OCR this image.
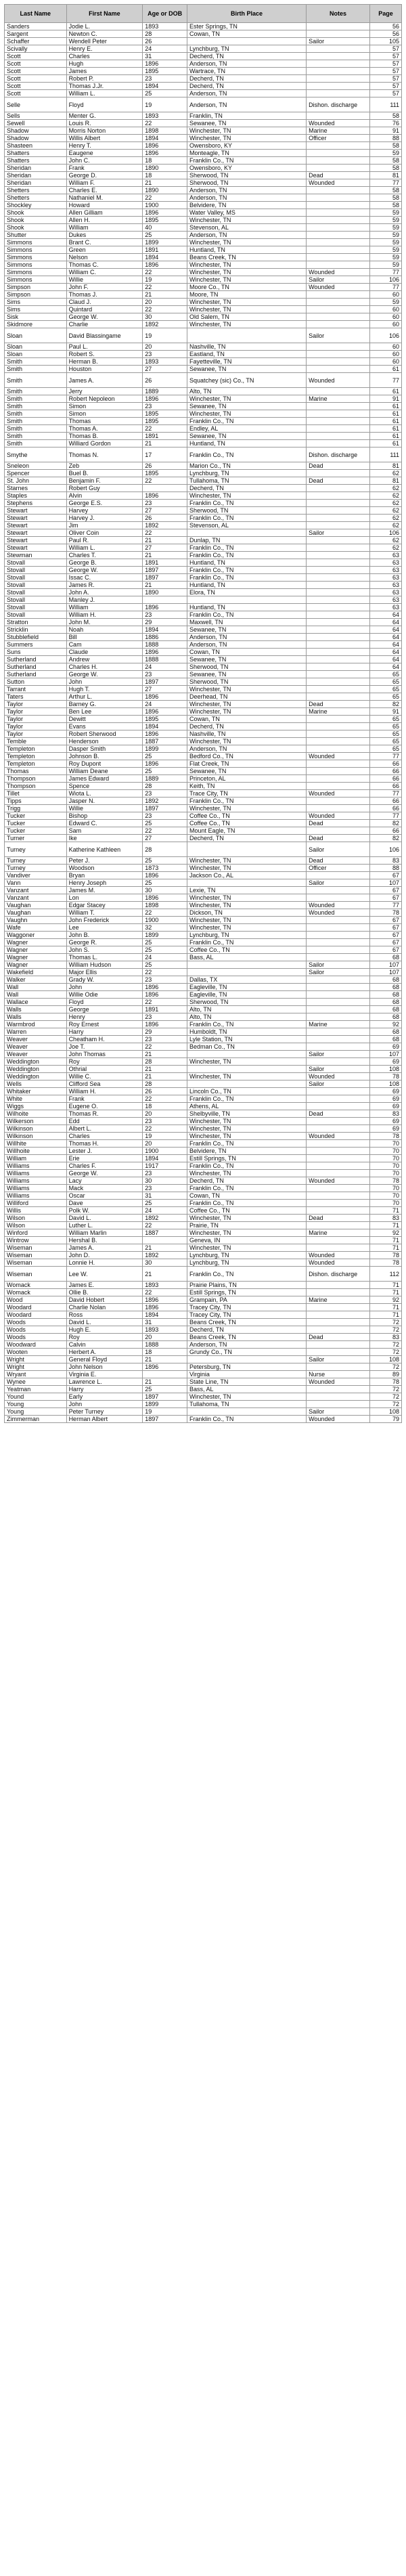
Last Name	First Name	Age or DOB	Birth Place	Notes	Page
Sanders	Jodie L.	1893	Ester Springs, TN		56
Sargent	Newton C.	28	Cowan, TN		56
Schaffer	Wendell Peter	26		Sailor	105
Scivally	Henry E.	24	Lynchburg, TN		57
Scott	Charles	31	Decherd, TN		57
Scott	Hugh	1896	Anderson, TN		57
Scott	James	1895	Wartrace, TN		57
Scott	Robert P.	23	Decherd, TN		57
Scott	Thomas J.Jr.	1894	Decherd, TN		57
Scott	William L.	25	Anderson, TN		57
Selle	Floyd	19	Anderson, TN	Dishon. discharge	111
Sells	Menter G.	1893	Franklin, TN		58
Sewell	Louis R.	22	Sewanee, TN	Wounded	76
Shadow	Morris Norton	1898	Winchester, TN	Marine	91
Shadow	Willis Albert	1894	Winchester, TN	Officer	88
Shasteen	Henry T.	1896	Owensboro, KY		58
Shatters	Eaugene	1896	Monteagle, TN		59
Shatters	John C.	18	Franklin Co., TN		58
Sheridan	Frank	1890	Owensboro, KY		58
Sheridan	George D.	18	Sherwood, TN	Dead	81
Sheridan	William F.	21	Sherwood, TN	Wounded	77
Shetters	Charles E.	1890	Anderson, TN		58
Shetters	Nathaniel M.	22	Anderson, TN		58
Shockley	Howard	1900	Belvidere, TN		58
Shook	Allen Gilliam	1896	Water Valley, MS		59
Shook	Allen H.	1895	Winchester, TN		59
Shook	William	40	Stevenson, AL		59
Shutter	Dukes	25	Anderson, TN		59
Simmons	Brant C.	1899	Winchester, TN		59
Simmons	Green	1891	Huntland, TN		59
Simmons	Nelson	1894	Beans Creek, TN		59
Simmons	Thomas C.	1896	Winchester, TN		59
Simmons	William C.	22	Winchester, TN	Wounded	77
Simmons	Willie	19	Winchester, TN	Sailor	106
Simpson	John F.	22	Moore Co., TN	Wounded	77
Simpson	Thomas J.	21	Moore, TN		60
Sims	Claud J.	20	Winchester, TN		59
Sims	Quintard	22	Winchester, TN		60
Sisk	George W.	30	Old Salem, TN		60
Skidmore	Charlie	1892	Winchester, TN		60
Sloan	David Blassingame	19		Sailor	106
Sloan	Paul L.	20	Nashville, TN		60
Sloan	Robert S.	23	Eastland, TN		60
Smith	Herman B.	1893	Fayetteville, TN		60
Smith	Houston	27	Sewanee, TN		61
Smith	James A.	26	Squatchey (sic) Co., TN	Wounded	77
Smith	Jerry	1889	Alto, TN		61
Smith	Robert Nepoleon	1896	Winchester, TN	Marine	91
Smith	Simon	23	Sewanee, TN		61
Smith	Simon	1895	Winchester, TN		61
Smith	Thomas	1895	Franklin Co., TN		61
Smith	Thomas A.	22	Endley, AL		61
Smith	Thomas B.	1891	Sewanee, TN		61
Smith	Williard Gordon	21	Huntland, TN		61
Smythe	Thomas N.	17	Franklin Co., TN	Dishon. discharge	111
Sneleon	Zeb	26	Marion Co., TN	Dead	81
Spencer	Buel B.	1895	Lynchburg, TN		62
St. John	Benjamin F.	22	Tullahoma, TN	Dead	81
Starnes	Robert Guy		Decherd, TN		62
Staples	Alvin	1896	Winchester, TN		62
Stephens	George E.S.	23	Franklin Co., TN		62
Stewart	Harvey	27	Sherwood, TN		62
Stewart	Harvey J.	26	Franklin Co., TN		62
Stewart	Jim	1892	Stevenson, AL		62
Stewart	Oliver Coin	22		Sailor	106
Stewart	Paul R.	21	Dunlap, TN		62
Stewart	William L.	27	Franklin Co., TN		62
Stewman	Charles T.	21	Franklin Co., TN		63
Stovall	George B.	1891	Huntland, TN		63
Stovall	George W.	1897	Franklin Co., TN		63
Stovall	Issac C.	1897	Franklin Co., TN		63
Stovall	James R.	21	Huntland, TN		63
Stovall	John A.	1890	Elora, TN		63
Stovall	Manley J.				63
Stovall	William	1896	Huntland, TN		63
Stovall	William H.	23	Franklin Co., TN		64
Stratton	John M.	29	Maxwell, TN		64
Stricklin	Noah	1894	Sewanee, TN		64
Stubblefield	Bill	1886	Anderson, TN		64
Summers	Cam	1888	Anderson, TN		64
Suns	Claude	1896	Cowan, TN		64
Sutherland	Andrew	1888	Sewanee, TN		64
Sutherland	Charles H.	24	Sherwood, TN		64
Sutherland	George W.	23	Sewanee, TN		65
Sutton	John	1897	Sherwood, TN		65
Tarrant	Hugh T.	27	Winchester, TN		65
Taters	Arthur L.	1896	Deerhead, TN		65
Taylor	Barney G.	24	Winchester, TN	Dead	82
Taylor	Ben Lee	1896	Winchester, TN	Marine	91
Taylor	Dewitt	1895	Cowan, TN		65
Taylor	Evans	1894	Decherd, TN		65
Taylor	Robert Sherwood	1896	Nashville, TN		65
Temble	Henderson	1887	Winchester, TN		65
Templeton	Dasper Smith	1899	Anderson, TN		65
Templeton	Johnson B.	25	Bedford Co., TN	Wounded	77
Templeton	Roy Dupont	1896	Flat Creek, TN		66
Thomas	William Deane	25	Sewanee, TN		66
Thompson	James Edward	1889	Princeton, AL		66
Thompson	Spence	28	Keith, TN		66
Tillet	Wiota L.	23	Trace City, TN	Wounded	77
Tipps	Jasper N.	1892	Franklin Co., TN		66
Trigg	Willie	1897	Winchester, TN		66
Tucker	Bishop	23	Coffee Co., TN	Wounded	77
Tucker	Edward C.	25	Coffee Co., TN	Dead	82
Tucker	Sam	22	Mount Eagle, TN		66
Turner	Ike	27	Decherd, TN	Dead	82
Turney	Katherine Kathleen	28		Sailor	106
Turney	Peter J.	25	Winchester, TN	Dead	83
Turney	Woodson	1873	Winchester, TN	Officer	88
Vandiver	Bryan	1896	Jackson Co., AL		67
Vann	Henry Joseph	25		Sailor	107
Vanzant	James M.	30	Lexie, TN		67
Vanzant	Lon	1896	Winchester, TN		67
Vaughan	Edgar Stacey	1898	Winchester, TN	Wounded	77
Vaughan	William T.	22	Dickson, TN	Wounded	78
Vaughn	John Frederick	1900	Winchester, TN		67
Wafe	Lee	32	Winchester, TN		67
Waggoner	John B.	1899	Lynchburg, TN		67
Wagner	George R.	25	Franklin Co., TN		67
Wagner	John S.	25	Coffee Co., TN		67
Wagner	Thomas L.	24	Bass, AL		68
Wagner	William Hudson	25		Sailor	107
Wakefield	Major Ellis	22		Sailor	107
Walker	Grady W.	23	Dallas, TX		68
Wall	John	1896	Eagleville, TN		68
Wall	Willie Odie	1896	Eagleville, TN		68
Wallace	Floyd	22	Sherwood, TN		68
Walls	George	1891	Alto, TN		68
Walls	Henry	23	Alto, TN		68
Warmbrod	Roy Ernest	1896	Franklin Co., TN	Marine	92
Warren	Harry	29	Humboldt, TN		68
Weaver	Cheatham H.	23	Lyle Station, TN		68
Weaver	Joe T.	22	Bedman Co., TN		69
Weaver	John Thomas	21		Sailor	107
Weddington	Roy	28	Winchester, TN		69
Weddington	Othrial	21		Sailor	108
Weddington	Willie C.	21	Winchester, TN	Wounded	78
Wells	Clifford Sea	28		Sailor	108
Whitaker	William H.	26	Lincoln Co., TN		69
White	Frank	22	Franklin Co., TN		69
Wiggs	Eugene O.	18	Athens, AL		69
Wilhoite	Thomas R.	20	Shelbyville, TN	Dead	83
Wilkerson	Edd	23	Winchester, TN		69
Wilkinson	Albert L.	22	Winchester, TN		69
Wilkinson	Charles	19	Winchester, TN	Wounded	78
Willhite	Thomas H.	20	Franklin Co., TN		70
Willhoite	Lester J.	1900	Belvidere, TN		70
William	Erie	1894	Estill Springs, TN		70
Williams	Charles F.	1917	Franklin Co., TN		70
Williams	George W.	23	Winchester, TN		70
Williams	Lacy	30	Decherd, TN	Wounded	78
Williams	Mack	23	Franklin Co., TN		70
Williams	Oscar	31	Cowan, TN		70
Williford	Dave	25	Franklin Co., TN		70
Willis	Polk W.	24	Coffee Co., TN		71
Wilson	David L.	1892	Winchester, TN	Dead	83
Wilson	Luther L.	22	Prairie, TN		71
Winford	William Marlin	1887	Winchester, TN	Marine	92
Wintrow	Hershal B.		Geneva, IN		71
Wiseman	James A.	21	Winchester, TN		71
Wiseman	John D.	1892	Lynchburg, TN	Wounded	78
Wiseman	Lonnie H.	30	Lynchburg, TN	Wounded	78
Wiseman	Lee W.	21	Franklin Co., TN	Dishon. discharge	112
Womack	James E.	1893	Prairie Plains, TN		71
Womack	Ollie B.	22	Estill Springs, TN		71
Wood	David Hobert	1896	Grampain, PA	Marine	92
Woodard	Charlie Nolan	1896	Tracey City, TN		71
Woodard	Ross	1894	Tracey City, TN		71
Woods	David L.	31	Beans Creek, TN		72
Woods	Hugh E.	1893	Decherd, TN		72
Woods	Roy	20	Beans Creek, TN	Dead	83
Woodward	Calvin	1888	Anderson, TN		72
Wooten	Herbert A.	18	Grundy Co., TN		72
Wright	General Floyd	21		Sailor	108
Wright	John Nelson	1896	Petersburg, TN		72
Wryant	Virginia E.		Virginia	Nurse	89
Wynee	Lawrence L.	21	State Line, TN	Wounded	78
Yeatman	Harry	25	Bass, AL		72
Yound	Early	1897	Winchester, TN		72
Young	John	1899	Tullahoma, TN		72
Young	Peter Turney	19		Sailor	108
Zimmerman	Herman Albert	1897	Franklin Co., TN	Wounded	79
